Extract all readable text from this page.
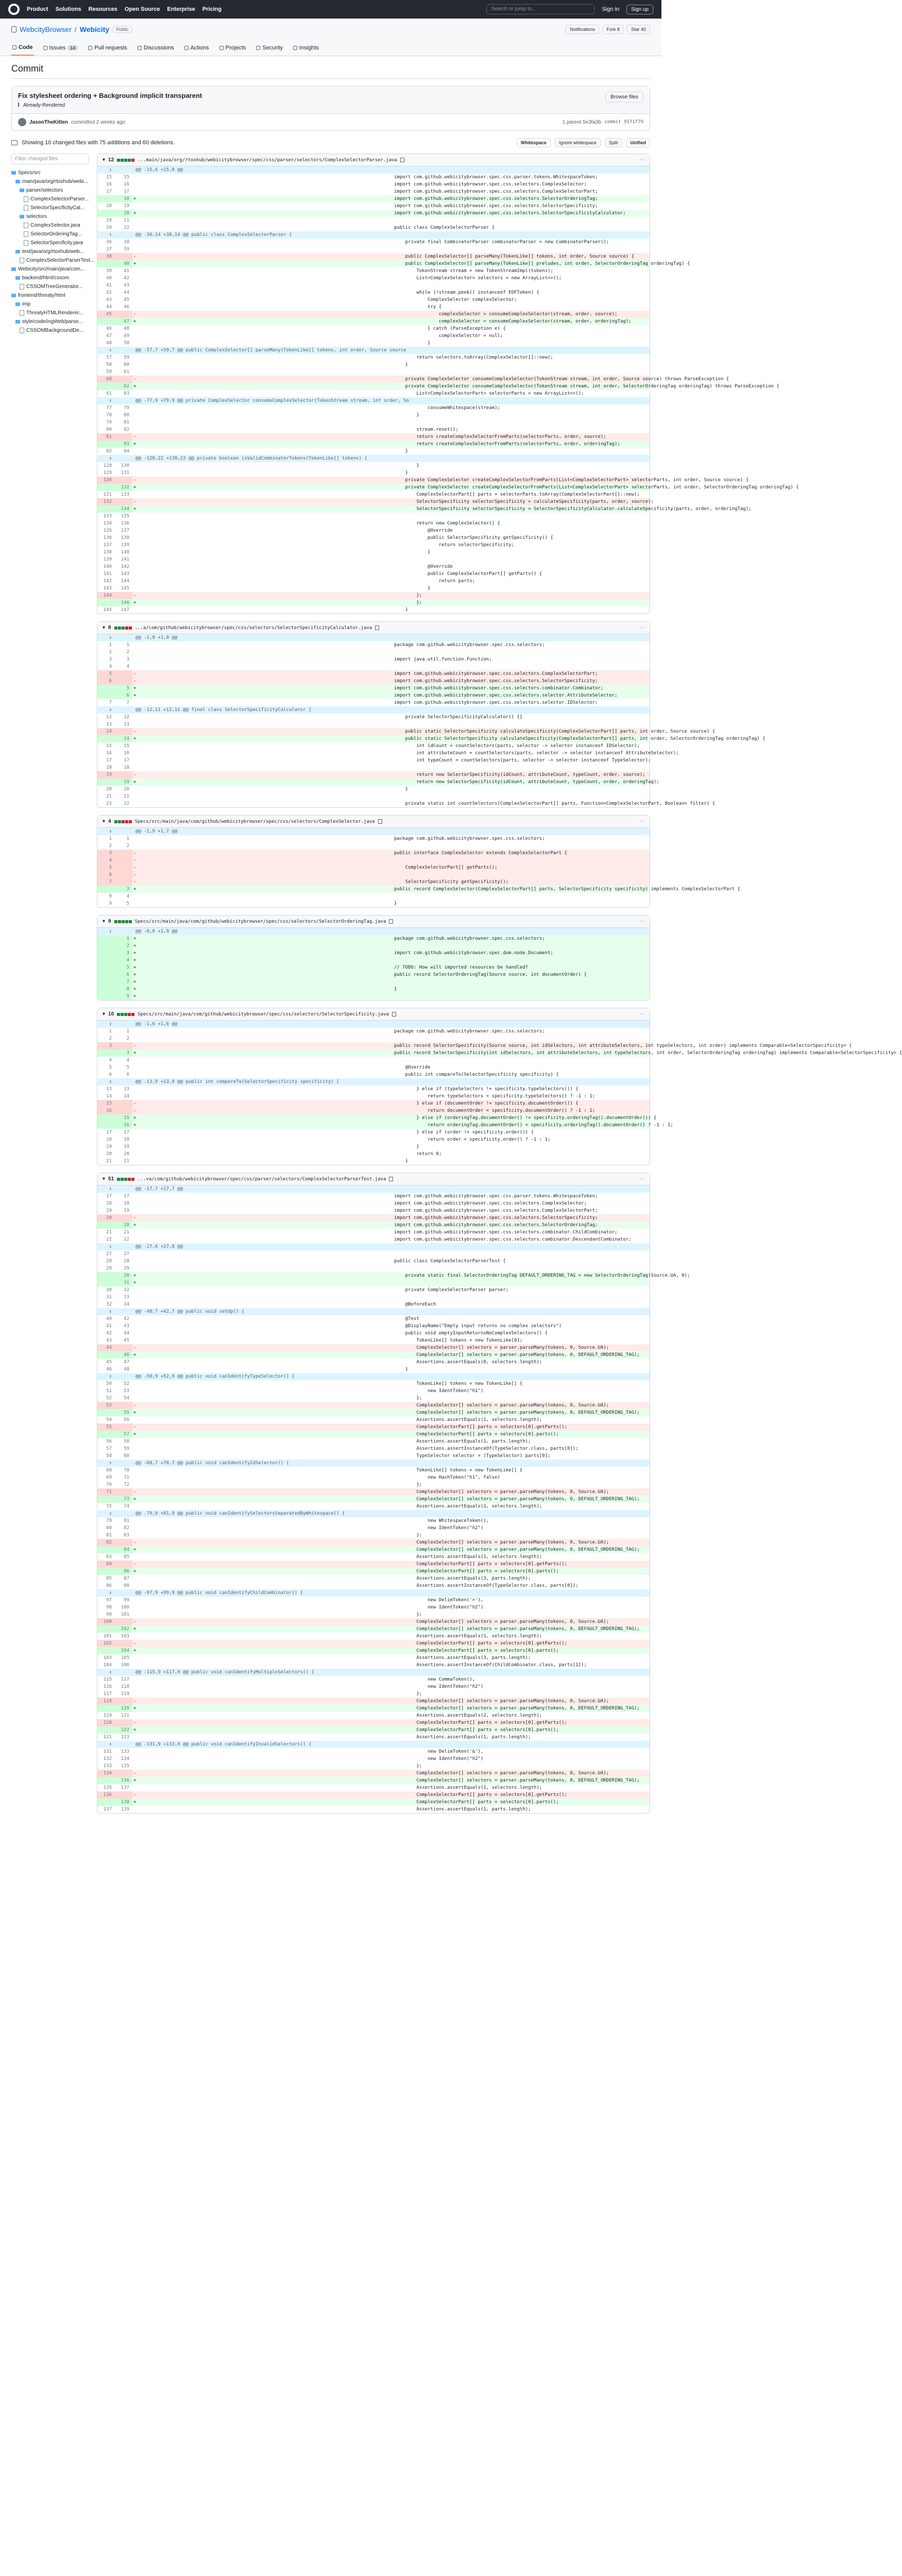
Product Solutions Resources Open Source Enterprise Pricing	Search or jump to...	Sign in	Sign up
WebcityBrowser / Webicity	Public	Notifications	Fork 8	Star 40
Code	Issues	14	Pull requests	Discussions	Actions	Projects	Security	Insights
Commit
Fix stylesheet ordering + Background implicit transparent
Already-Rendered
Browse files
JasonTheKitten committed 2 weeks ago	1 parent 5e3fa3b commit 9171f79
Showing 10 changed files with 75 additions and 60 deletions.	Whitespace	Ignore whitespace	Split	Unified
Filter changed files
Specs/src
main/java/org/rtoxhub/webi...
parser/selectors
ComplexSelectorParser...
SelectorSpecificityCal...
selectors
ComplexSelector.java
SelectorOrderingTag...
SelectorSpecificity.java
test/java/org/rtoxhub/web...
ComplexSelectorParserTest...
Webicity/src/main/java/com...
backend/html/cssom
CSSOMTreeGenerator...
frontend/threaty/html
imp
ThreatyHTMLRenderer...
style/code/ingWeb/parse...
CSSOMBackgroundDe...
▾ 12	...main/java/org/rtoxhub/webicitybrowser/spec/css/parser/selectors/ComplexSelectorParser.java	⋯
↕		@@ -15,6 +15,8 @@	
15	15		import com.github.webicitybrowser.spec.css.parser.tokens.WhitespaceToken;
16	16		import com.github.webicitybrowser.spec.css.selectors.ComplexSelector;
17	17		import com.github.webicitybrowser.spec.css.selectors.ComplexSelectorPart;
	18	+	import com.github.webicitybrowser.spec.css.selectors.SelectorOrderingTag;
18	19		import com.github.webicitybrowser.spec.css.selectors.SelectorSpecificity;
	20	+	import com.github.webicitybrowser.spec.css.selectors.SelectorSpecificityCalculator;
19	21		
20	22		public class ComplexSelectorParser {
↕		@@ -36,14 +38,14 @@ public class ComplexSelectorParser {	
36	38		private final CombinatorParser combinatorParser = new CombinatorParser();
37	39		
38		-	public ComplexSelector[] parseMany(TokenLike[] tokens, int order, Source source) {
	40	+	public ComplexSelector[] parseMany(TokenLike[] preludes, int order, SelectorOrderingTag orderingTag) {
39	41		TokenStream stream = new TokenStreamImpl(tokens);
40	42		List<ComplexSelector> selectors = new ArrayList<>();
41	43		
42	44		while (!stream.peek() instanceof EOFToken) {
43	45		ComplexSelector complexSelector;
44	46		try {
45		-	complexSelector = consumeComplexSelector(stream, order, source);
	47	+	complexSelector = consumeComplexSelector(stream, order, orderingTag);
46	48		} catch (ParseException e) {
47	49		complexSelector = null;
48	50		}
↕		@@ -57,7 +59,7 @@ public ComplexSelector[] parseMany(TokenLike[] tokens, int order, Source source	
57	59		return selectors.toArray(ComplexSelector[]::new);
58	60		}
59	61		
60		-	private ComplexSelector consumeComplexSelector(TokenStream stream, int order, Source source) throws ParseException {
	62	+	private ComplexSelector consumeComplexSelector(TokenStream stream, int order, SelectorOrderingTag orderingTag) throws ParseException {
61	63		List<ComplexSelectorPart> selectorParts = new ArrayList<>();
↕		@@ -77,9 +79,9 @@ private ComplexSelector consumeComplexSelector(TokenStream stream, int order, So	
77	79		consumeWhitespace(stream);
78	80		}
79	81		
80	82		stream.reset();
81		-	return createComplexSelectorFromParts(selectorParts, order, source);
	83	+	return createComplexSelectorFromParts(selectorParts, order, orderingTag);
82	84		}
↕		@@ -128,22 +130,23 @@ private boolean isValidCombinatorTokens(TokenLike[] tokens) {	
128	130		}
129	131		}
130		-	private ComplexSelector createComplexSelectorFromParts(List<ComplexSelectorPart> selectorParts, int order, Source source) {
	132	+	private ComplexSelector createComplexSelectorFromParts(List<ComplexSelectorPart> selectorParts, int order, SelectorOrderingTag orderingTag) {
131	133		ComplexSelectorPart[] parts = selectorParts.toArray(ComplexSelectorPart[]::new);
132		-	SelectorSpecificity selectorSpecificity = calculateSpecificity(parts, order, source);
	134	+	SelectorSpecificity selectorSpecificity = SelectorSpecificityCalculator.calculateSpecificity(parts, order, orderingTag);
133	135		
134	136		return new ComplexSelector() {
135	137		@Override
136	138		public SelectorSpecificity getSpecificity() {
137	139		return selectorSpecificity;
138	140		}
139	141		
140	142		@Override
141	143		public ComplexSelectorPart[] getParts() {
142	144		return parts;
143	145		}
144		-	};
	146	+	};
145	147		}
▾ 8	...a/com/github/webicitybrowser/spec/css/selectors/SelectorSpecificityCalculator.java	⋯
↕		@@ -1,8 +1,8 @@	
1	1		package com.github.webicitybrowser.spec.css.selectors;
2	2		
3	3		import java.util.function.Function;
4	4		
5		-	import com.github.webicitybrowser.spec.css.selectors.ComplexSelectorPart;
6		-	import com.github.webicitybrowser.spec.css.selectors.SelectorSpecificity;
	5	+	import com.github.webicitybrowser.spec.css.selectors.combinator.Combinator;
	6	+	import com.github.webicitybrowser.spec.css.selectors.selector.AttributeSelector;
7	7		import com.github.webicitybrowser.spec.css.selectors.selector.IDSelector;
↕		@@ -12,11 +12,11 @@ final class SelectorSpecificityCalculator {	
12	12		private SelectorSpecificityCalculator() {}
13	13		
14		-	public static SelectorSpecificity calculateSpecificity(ComplexSelectorPart[] parts, int order, Source source) {
	14	+	public static SelectorSpecificity calculateSpecificity(ComplexSelectorPart[] parts, int order, SelectorOrderingTag orderingTag) {
15	15		int idCount = countSelectors(parts, selector -> selector instanceof IDSelector);
16	16		int attributeCount = countSelectors(parts, selector -> selector instanceof AttributeSelector);
17	17		int typeCount = countSelectors(parts, selector -> selector instanceof TypeSelector);
18	18		
19		-	return new SelectorSpecificity(idCount, attributeCount, typeCount, order, source);
	19	+	return new SelectorSpecificity(idCount, attributeCount, typeCount, order, orderingTag);
20	20		}
21	21		
22	22		private static int countSelectors(ComplexSelectorPart[] parts, Function<ComplexSelectorPart, Boolean> filter) {
▾ 4	Specs/src/main/java/com/github/webicitybrowser/spec/css/selectors/ComplexSelector.java	⋯
↕		@@ -1,9 +1,7 @@	
1	1		package com.github.webicitybrowser.spec.css.selectors;
2	2		
3		-	public interface ComplexSelector extends ComplexSelectorPart {
4		-	
5		-	ComplexSelectorPart[] getParts();
6		-	
7		-	SelectorSpecificity getSpecificity();
	3	+	public record ComplexSelector(ComplexSelectorPart[] parts, SelectorSpecificity specificity) implements ComplexSelectorPart {
8	4		
9	5		}
▾ 9	Specs/src/main/java/com/github/webicitybrowser/spec/css/selectors/SelectorOrderingTag.java	⋯
↕		@@ -0,0 +1,9 @@	
	1	+	package com.github.webicitybrowser.spec.css.selectors;
	2	+	
	3	+	import com.github.webicitybrowser.spec.dom.node.Document;
	4	+	
	5	+	// TODO: How will imported resources be handled?
	6	+	public record SelectorOrderingTag(Source source, int documentOrder) {
	7	+	
	8	+	}
	9	+	
▾ 10	Specs/src/main/java/com/github/webicitybrowser/spec/css/selectors/SelectorSpecificity.java	⋯
↕		@@ -1,6 +1,6 @@	
1	1		package com.github.webicitybrowser.spec.css.selectors;
2	2		
3		-	public record SelectorSpecificity(Source source, int idSelectors, int attributeSelectors, int typeSelectors, int order) implements Comparable<SelectorSpecificity> {
	3	+	public record SelectorSpecificity(int idSelectors, int attributeSelectors, int typeSelectors, int order, SelectorOrderingTag orderingTag) implements Comparable<SelectorSpecificity> {
4	4		
5	5		@Override
6	6		public int compareTo(SelectorSpecificity specificity) {
↕		@@ -13,9 +13,9 @@ public int compareTo(SelectorSpecificity specificity) {	
13	13		} else if (typeSelectors != specificity.typeSelectors()) {
14	14		return typeSelectors < specificity.typeSelectors() ? -1 : 1;
15		-	} else if (documentOrder != specificity.documentOrder()) {
16		-	return documentOrder < specificity.documentOrder() ? -1 : 1;
	15	+	} else if (orderingTag.documentOrder() != specificity.orderingTag().documentOrder()) {
	16	+	return orderingTag.documentOrder() < specificity.orderingTag().documentOrder() ? -1 : 1;
17	17		} else if (order != specificity.order()) {
18	18		return order < specificity.order() ? -1 : 1;
19	19		}
20	20		return 0;
21	21		}
▾ 51	...va/com/github/webicitybrowser/spec/css/parser/selectors/ComplexSelectorParserTest.java	⋯
↕		@@ -17,7 +17,7 @@	
17	17		import com.github.webicitybrowser.spec.css.parser.tokens.WhitespaceToken;
18	18		import com.github.webicitybrowser.spec.css.selectors.ComplexSelector;
19	19		import com.github.webicitybrowser.spec.css.selectors.ComplexSelectorPart;
20		-	import com.github.webicitybrowser.spec.css.selectors.SelectorSpecificity;
	20	+	import com.github.webicitybrowser.spec.css.selectors.SelectorOrderingTag;
21	21		import com.github.webicitybrowser.spec.css.selectors.combinator.ChildCombinator;
22	22		import com.github.webicitybrowser.spec.css.selectors.combinator.DescendantCombinator;
↕		@@ -27,6 +27,8 @@	
27	27		
28	28		public class ComplexSelectorParserTest {
29	29		
	30	+	private static final SelectorOrderingTag DEFAULT_ORDERING_TAG = new SelectorOrderingTag(Source.UA, 0);
	31	+	
30	32		private ComplexSelectorParser parser;
31	33		
32	34		@BeforeEach
↕		@@ -40,7 +42,7 @@ public void setUp() {	
40	42		@Test
41	43		@DisplayName("Empty input returns no complex selectors")
42	44		public void emptyInputReturnsNoComplexSelectors() {
43	45		TokenLike[] tokens = new TokenLike[0];
44		-	ComplexSelector[] selectors = parser.parseMany(tokens, 0, Source.UA);
	46	+	ComplexSelector[] selectors = parser.parseMany(tokens, 0, DEFAULT_ORDERING_TAG);
45	47		Assertions.assertEquals(0, selectors.length);
46	48		}
↕		@@ -50,9 +52,9 @@ public void canIdentifyTypeSelector() {	
50	52		TokenLike[] tokens = new TokenLike[] {
51	53		new IdentToken("h1")
52	54		};
53		-	ComplexSelector[] selectors = parser.parseMany(tokens, 0, Source.UA);
	55	+	ComplexSelector[] selectors = parser.parseMany(tokens, 0, DEFAULT_ORDERING_TAG);
54	56		Assertions.assertEquals(1, selectors.length);
55		-	ComplexSelectorPart[] parts = selectors[0].getParts();
	57	+	ComplexSelectorPart[] parts = selectors[0].parts();
56	58		Assertions.assertEquals(1, parts.length);
57	59		Assertions.assertInstanceOf(TypeSelector.class, parts[0]);
58	60		TypeSelector selector = (TypeSelector) parts[0];
↕		@@ -68,7 +70,7 @@ public void canIdentifyIdSelector() {	
68	70		TokenLike[] tokens = new TokenLike[] {
69	71		new HashToken("h1", false)
70	72		};
71		-	ComplexSelector[] selectors = parser.parseMany(tokens, 0, Source.UA);
	73	+	ComplexSelector[] selectors = parser.parseMany(tokens, 0, DEFAULT_ORDERING_TAG);
72	74		Assertions.assertEquals(1, selectors.length);
↕		@@ -79,9 +81,9 @@ public void canIdentifySelectorsSeparatedByWhitespace() {	
79	81		new WhitespaceToken(),
80	82		new IdentToken("h2")
81	83		};
82		-	ComplexSelector[] selectors = parser.parseMany(tokens, 0, Source.UA);
	84	+	ComplexSelector[] selectors = parser.parseMany(tokens, 0, DEFAULT_ORDERING_TAG);
83	85		Assertions.assertEquals(1, selectors.length);
84		-	ComplexSelectorPart[] parts = selectors[0].getParts();
	86	+	ComplexSelectorPart[] parts = selectors[0].parts();
85	87		Assertions.assertEquals(3, parts.length);
86	88		Assertions.assertInstanceOf(TypeSelector.class, parts[0]);
↕		@@ -97,9 +99,9 @@ public void canIdentifyChildCombinator() {	
97	99		new DelimToken('>'),
98	100		new IdentToken("h2")
99	101		};
100		-	ComplexSelector[] selectors = parser.parseMany(tokens, 0, Source.UA);
	102	+	ComplexSelector[] selectors = parser.parseMany(tokens, 0, DEFAULT_ORDERING_TAG);
101	103		Assertions.assertEquals(1, selectors.length);
102		-	ComplexSelectorPart[] parts = selectors[0].getParts();
	104	+	ComplexSelectorPart[] parts = selectors[0].parts();
103	105		Assertions.assertEquals(3, parts.length);
104	106		Assertions.assertInstanceOf(ChildCombinator.class, parts[1]);
↕		@@ -115,9 +117,9 @@ public void canIdentifyMultipleSelectors() {	
115	117		new CommaToken(),
116	118		new IdentToken("h2")
117	119		};
118		-	ComplexSelector[] selectors = parser.parseMany(tokens, 0, Source.UA);
	120	+	ComplexSelector[] selectors = parser.parseMany(tokens, 0, DEFAULT_ORDERING_TAG);
119	121		Assertions.assertEquals(2, selectors.length);
120		-	ComplexSelectorPart[] parts = selectors[0].getParts();
	122	+	ComplexSelectorPart[] parts = selectors[0].parts();
121	123		Assertions.assertEquals(1, parts.length);
↕		@@ -131,9 +133,9 @@ public void canIdentifyInvalidSelectors() {	
131	133		new DelimToken('&'),
132	134		new IdentToken("h2")
133	135		};
134		-	ComplexSelector[] selectors = parser.parseMany(tokens, 0, Source.UA);
	136	+	ComplexSelector[] selectors = parser.parseMany(tokens, 0, DEFAULT_ORDERING_TAG);
135	137		Assertions.assertEquals(1, selectors.length);
136		-	ComplexSelectorPart[] parts = selectors[0].getParts();
	138	+	ComplexSelectorPart[] parts = selectors[0].parts();
137	139		Assertions.assertEquals(1, parts.length);
